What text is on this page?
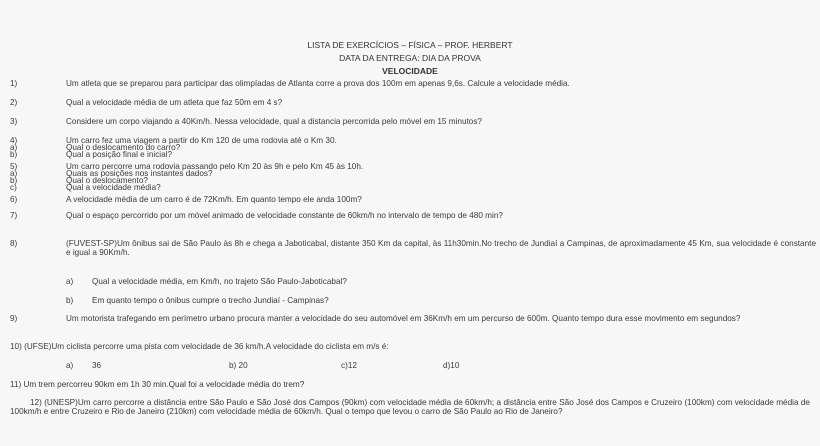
LISTA DE EXERCÍCIOS – FÍSICA – PROF. HERBERT
DATA DA ENTREGA: DIA DA PROVA
VELOCIDADE
1)	Um atleta que se preparou para participar das olimpíadas de Atlanta corre a prova dos 100m em apenas 9,6s. Calcule a velocidade média.
2)	Qual a velocidade média de um atleta que faz 50m em 4 s?
3)	Considere um corpo viajando a 40Km/h. Nessa velocidade, qual a distancia percorrida pelo móvel em 15 minutos?
4)	Um carro fez uma viagem a partir do Km 120 de uma rodovia até o Km 30.
a)	Qual o deslocamento do carro?
b)	Qual a posição final e inicial?
5)	Um carro percorre uma rodovia passando pelo Km 20 às 9h e pelo Km 45 às 10h.
a)	Quais as posições nos instantes dados?
b)	Qual o deslocamento?
c)	Qual a velocidade média?
6)	A velocidade média de um carro é de 72Km/h. Em quanto tempo ele anda 100m?
7)	Qual o espaço percorrido por um móvel animado de velocidade constante de 60km/h no intervalo de tempo de 480 min?
8)	(FUVEST-SP)Um ônibus sai de São Paulo às 8h e chega a Jaboticabal, distante 350 Km da capital, às 11h30min.No trecho de Jundiaí a Campinas, de aproximadamente 45 Km, sua velocidade é constante e igual a 90Km/h.
a) Qual a velocidade média, em Km/h, no trajeto São Paulo-Jaboticabal?
b) Em quanto tempo o ônibus cumpre o trecho Jundiaí - Campinas?
9)	Um motorista trafegando em perímetro urbano procura manter a velocidade do seu automóvel em 36Km/h em um percurso de 600m. Quanto tempo dura esse movimento em segundos?
10) (UFSE)Um ciclista percorre uma pista com velocidade de 36 km/h.A velocidade do ciclista em m/s é:
a) 36	b) 20	c)12	d)10
11) Um trem percorreu 90km em 1h 30 min.Qual foi a velocidade média do trem?
12) (UNESP)Um carro percorre a distância entre São Paulo e São José dos Campos (90km) com velocidade média de 60km/h; a distância entre São José dos Campos e Cruzeiro (100km) com velocidade média de 100km/h e entre Cruzeiro e Rio de Janeiro (210km) com velocidade média de 60km/h. Qual o tempo que levou o carro de São Paulo ao Rio de Janeiro?
